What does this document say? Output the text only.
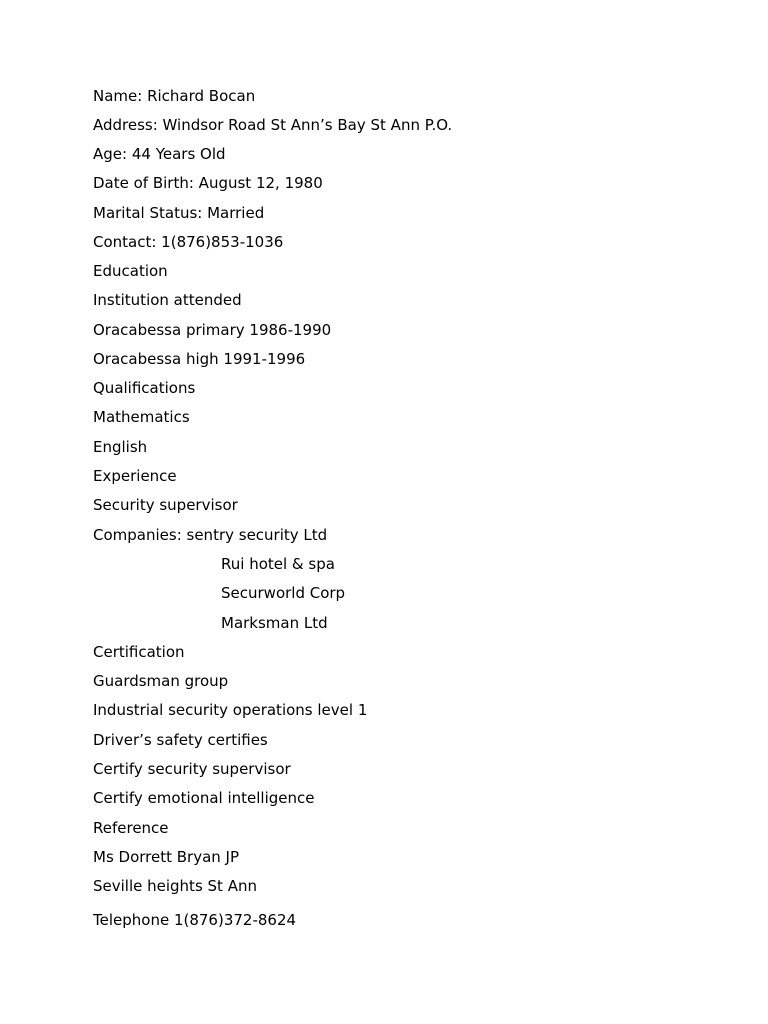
Name: Richard Bocan
Address: Windsor Road St Ann’s Bay St Ann P.O.
Age: 44 Years Old
Date of Birth: August 12, 1980
Marital Status: Married
Contact: 1(876)853-1036
Education
Institution attended
Oracabessa primary 1986-1990
Oracabessa high 1991-1996
Qualifications
Mathematics
English
Experience
Security supervisor
Companies: sentry security Ltd
Rui hotel & spa
Securworld Corp
Marksman Ltd
Certification
Guardsman group
Industrial security operations level 1
Driver’s safety certifies
Certify security supervisor
Certify emotional intelligence
Reference
Ms Dorrett Bryan JP
Seville heights St Ann
Telephone 1(876)372-8624
